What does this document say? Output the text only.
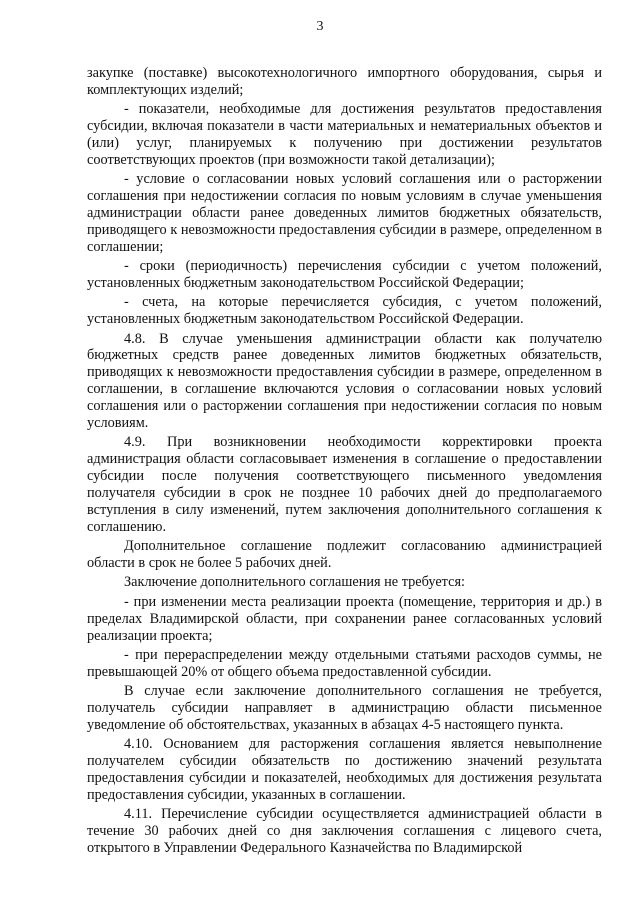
3

закупке (поставке) высокотехнологичного импортного оборудования, сырья и комплектующих изделий;

- показатели, необходимые для достижения результатов предоставления субсидии, включая показатели в части материальных и нематериальных объектов и (или) услуг, планируемых к получению при достижении результатов соответствующих проектов (при возможности такой детализации);

- условие о согласовании новых условий соглашения или о расторжении соглашения при недостижении согласия по новым условиям в случае уменьшения администрации области ранее доведенных лимитов бюджетных обязательств, приводящего к невозможности предоставления субсидии в размере, определенном в соглашении;

- сроки (периодичность) перечисления субсидии с учетом положений, установленных бюджетным законодательством Российской Федерации;

- счета, на которые перечисляется субсидия, с учетом положений, установленных бюджетным законодательством Российской Федерации.

4.8. В случае уменьшения администрации области как получателю бюджетных средств ранее доведенных лимитов бюджетных обязательств, приводящих к невозможности предоставления субсидии в размере, определенном в соглашении, в соглашение включаются условия о согласовании новых условий соглашения или о расторжении соглашения при недостижении согласия по новым условиям.

4.9. При возникновении необходимости корректировки проекта администрация области согласовывает изменения в соглашение о предоставлении субсидии после получения соответствующего письменного уведомления получателя субсидии в срок не позднее 10 рабочих дней до предполагаемого вступления в силу изменений, путем заключения дополнительного соглашения к соглашению.

Дополнительное соглашение подлежит согласованию администрацией области в срок не более 5 рабочих дней.

Заключение дополнительного соглашения не требуется:

- при изменении места реализации проекта (помещение, территория и др.) в пределах Владимирской области, при сохранении ранее согласованных условий реализации проекта;

- при перераспределении между отдельными статьями расходов суммы, не превышающей 20% от общего объема предоставленной субсидии.

В случае если заключение дополнительного соглашения не требуется, получатель субсидии направляет в администрацию области письменное уведомление об обстоятельствах, указанных в абзацах 4-5 настоящего пункта.

4.10. Основанием для расторжения соглашения является невыполнение получателем субсидии обязательств по достижению значений результата предоставления субсидии и показателей, необходимых для достижения результата предоставления субсидии, указанных в соглашении.

4.11. Перечисление субсидии осуществляется администрацией области в течение 30 рабочих дней со дня заключения соглашения с лицевого счета, открытого в Управлении Федерального Казначейства по Владимирской
